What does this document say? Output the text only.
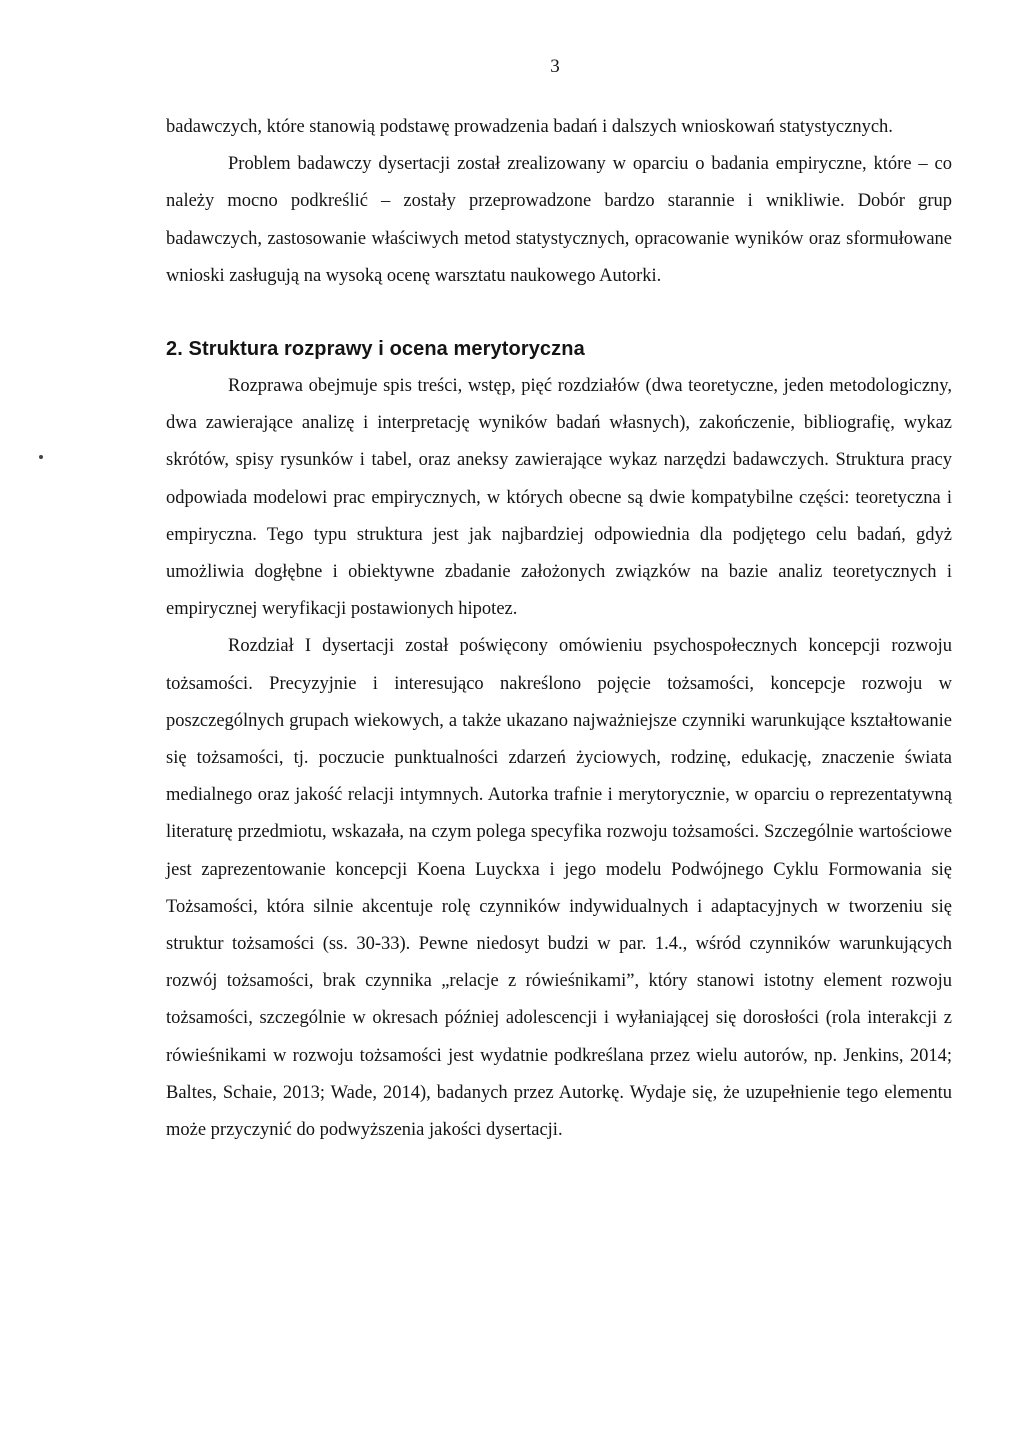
3

badawczych, które stanowią podstawę prowadzenia badań i dalszych wnioskowań statystycznych.

Problem badawczy dysertacji został zrealizowany w oparciu o badania empiryczne, które – co należy mocno podkreślić – zostały przeprowadzone bardzo starannie i wnikliwie. Dobór grup badawczych, zastosowanie właściwych metod statystycznych, opracowanie wyników oraz sformułowane wnioski zasługują na wysoką ocenę warsztatu naukowego Autorki.

2. Struktura rozprawy i ocena merytoryczna

Rozprawa obejmuje spis treści, wstęp, pięć rozdziałów (dwa teoretyczne, jeden metodologiczny, dwa zawierające analizę i interpretację wyników badań własnych), zakończenie, bibliografię, wykaz skrótów, spisy rysunków i tabel, oraz aneksy zawierające wykaz narzędzi badawczych. Struktura pracy odpowiada modelowi prac empirycznych, w których obecne są dwie kompatybilne części: teoretyczna i empiryczna. Tego typu struktura jest jak najbardziej odpowiednia dla podjętego celu badań, gdyż umożliwia dogłębne i obiektywne zbadanie założonych związków na bazie analiz teoretycznych i empirycznej weryfikacji postawionych hipotez.

Rozdział I dysertacji został poświęcony omówieniu psychospołecznych koncepcji rozwoju tożsamości. Precyzyjnie i interesująco nakreślono pojęcie tożsamości, koncepcje rozwoju w poszczególnych grupach wiekowych, a także ukazano najważniejsze czynniki warunkujące kształtowanie się tożsamości, tj. poczucie punktualności zdarzeń życiowych, rodzinę, edukację, znaczenie świata medialnego oraz jakość relacji intymnych. Autorka trafnie i merytorycznie, w oparciu o reprezentatywną literaturę przedmiotu, wskazała, na czym polega specyfika rozwoju tożsamości. Szczególnie wartościowe jest zaprezentowanie koncepcji Koena Luyckxa i jego modelu Podwójnego Cyklu Formowania się Tożsamości, która silnie akcentuje rolę czynników indywidualnych i adaptacyjnych w tworzeniu się struktur tożsamości (ss. 30-33). Pewne niedosyt budzi w par. 1.4., wśród czynników warunkujących rozwój tożsamości, brak czynnika „relacje z rówieśnikami”, który stanowi istotny element rozwoju tożsamości, szczególnie w okresach później adolescencji i wyłaniającej się dorosłości (rola interakcji z rówieśnikami w rozwoju tożsamości jest wydatnie podkreślana przez wielu autorów, np. Jenkins, 2014; Baltes, Schaie, 2013; Wade, 2014), badanych przez Autorkę. Wydaje się, że uzupełnienie tego elementu może przyczynić do podwyższenia jakości dysertacji.
